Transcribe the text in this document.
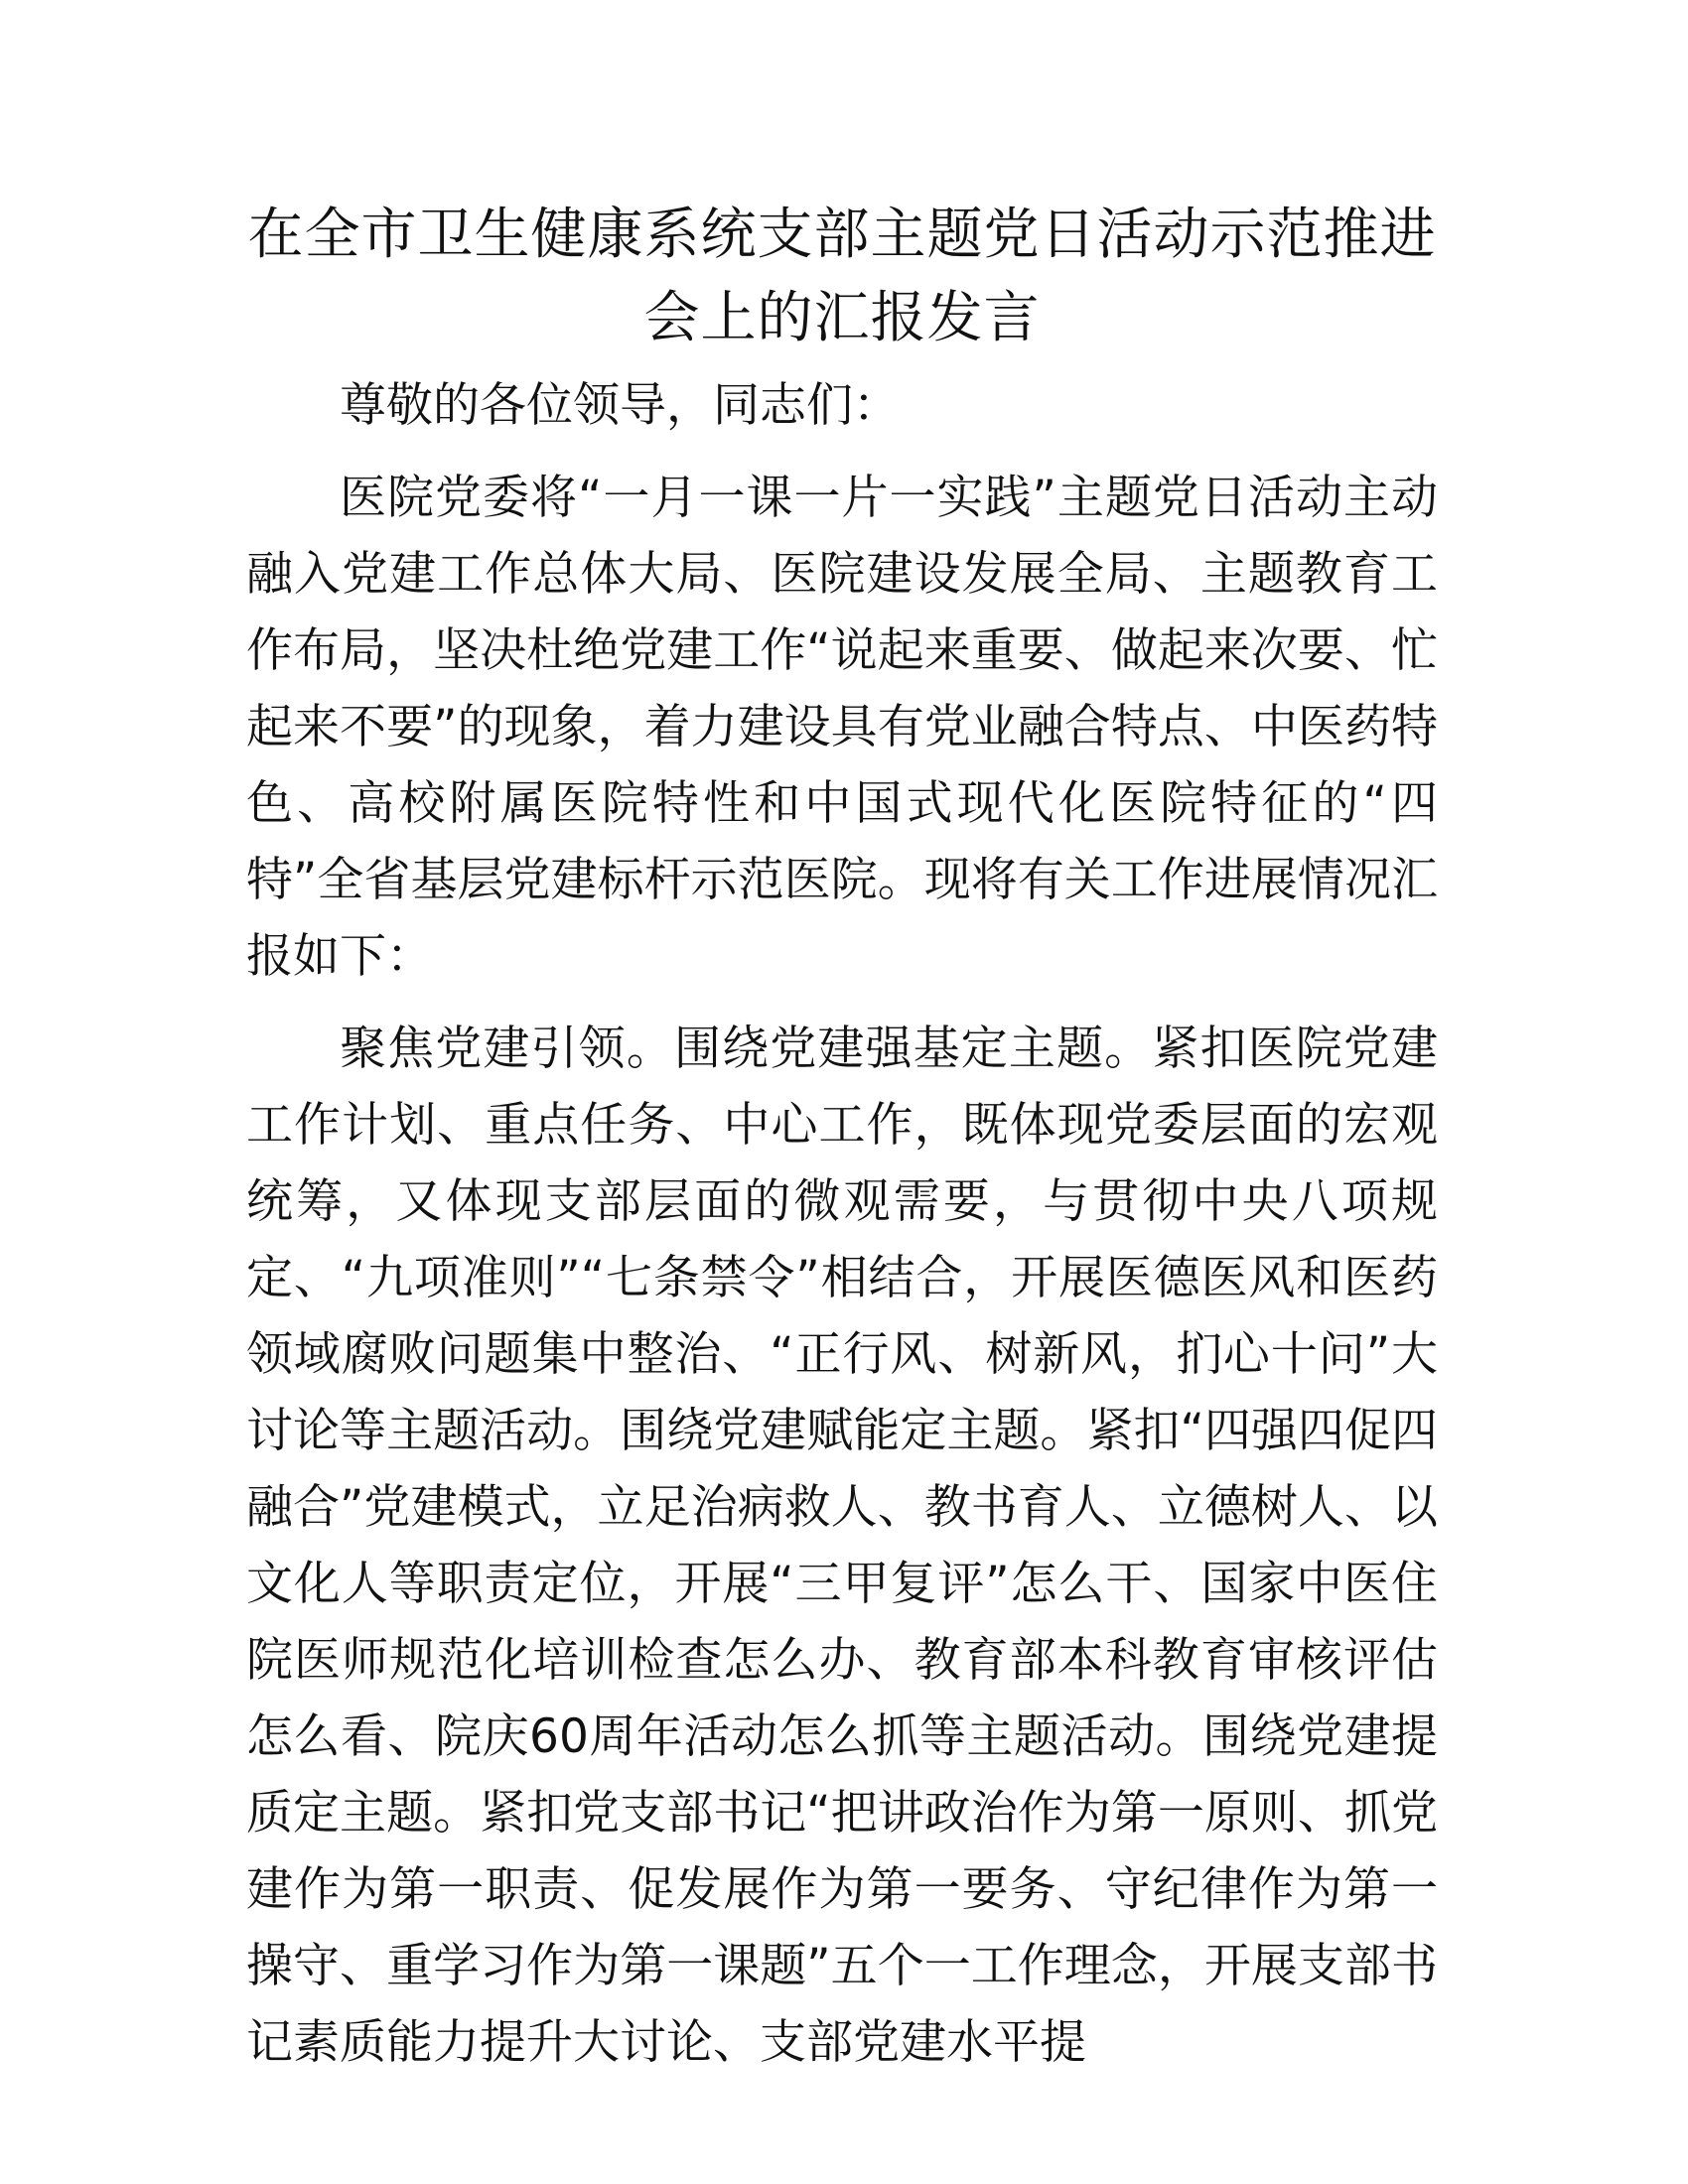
在全市卫生健康系统支部主题党日活动示范推进会上的汇报发言

尊敬的各位领导，同志们：

医院党委将“一月一课一片一实践”主题党日活动主动融入党建工作总体大局、医院建设发展全局、主题教育工作布局，坚决杜绝党建工作“说起来重要、做起来次要、忙起来不要”的现象，着力建设具有党业融合特点、中医药特色、高校附属医院特性和中国式现代化医院特征的“四特”全省基层党建标杆示范医院。现将有关工作进展情况汇报如下：

聚焦党建引领。围绕党建强基定主题。紧扣医院党建工作计划、重点任务、中心工作，既体现党委层面的宏观统筹，又体现支部层面的微观需要，与贯彻中央八项规定、“九项准则”“七条禁令”相结合，开展医德医风和医药领域腐败问题集中整治、“正行风、树新风，扪心十问”大讨论等主题活动。围绕党建赋能定主题。紧扣“四强四促四融合”党建模式，立足治病救人、教书育人、立德树人、以文化人等职责定位，开展“三甲复评”怎么干、国家中医住院医师规范化培训检查怎么办、教育部本科教育审核评估怎么看、院庆60周年活动怎么抓等主题活动。围绕党建提质定主题。紧扣党支部书记“把讲政治作为第一原则、抓党建作为第一职责、促发展作为第一要务、守纪律作为第一操守、重学习作为第一课题”五个一工作理念，开展支部书记素质能力提升大讨论、支部党建水平提
